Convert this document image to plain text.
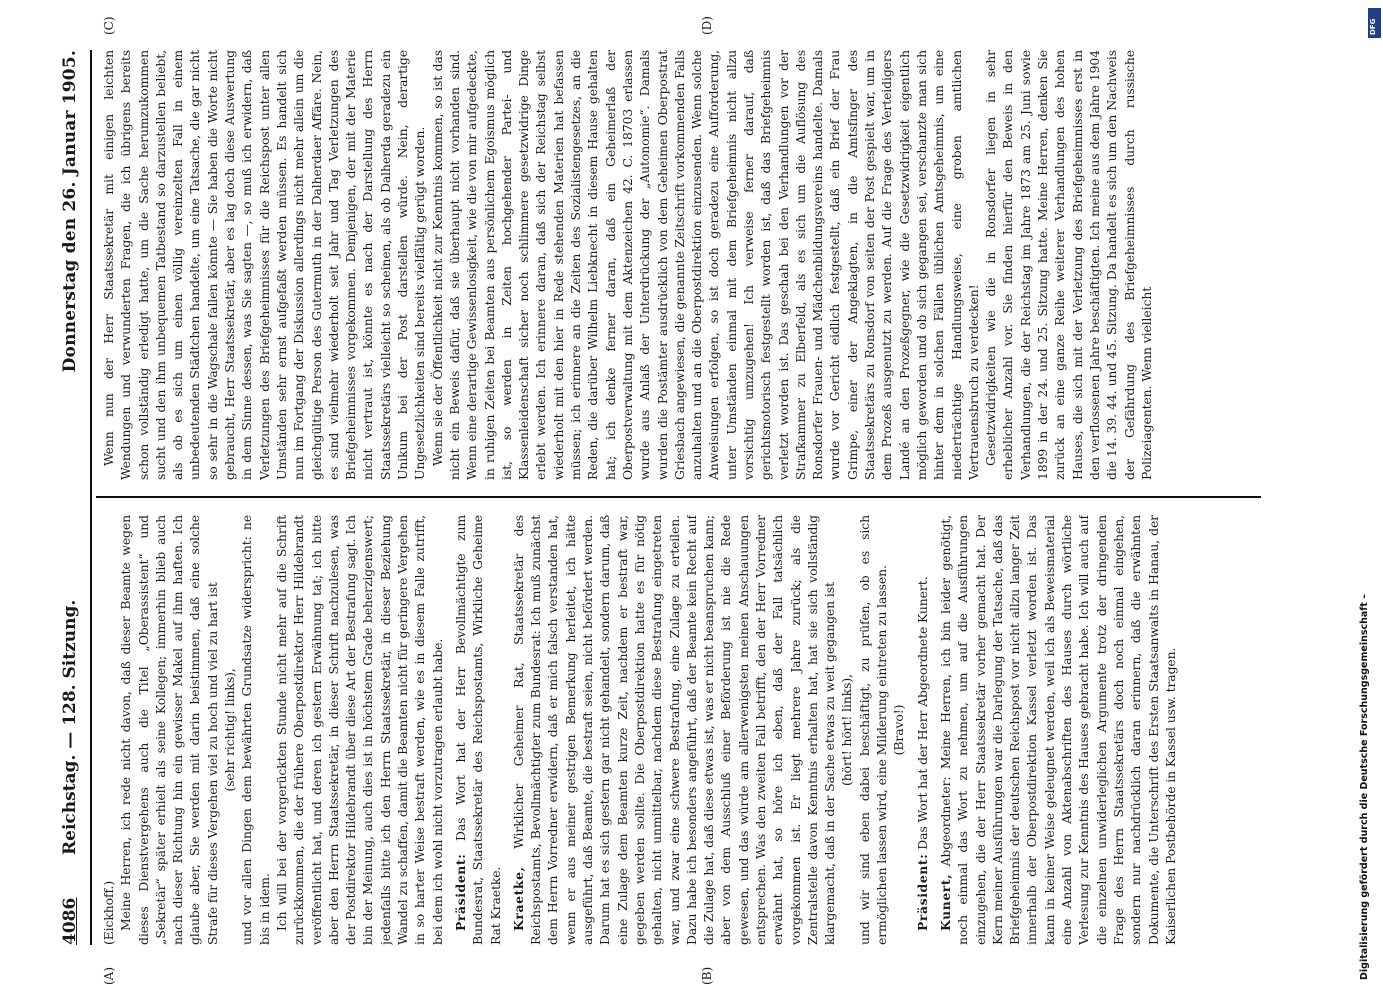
4086
Reichstag. — 128. Sitzung.
Donnerstag den 26. Januar 1905.
(A)	(B)
(C)	(D)

(Eickhoff.) Meine Herren, ich rede nicht davon, daß dieser Beamte wegen dieses Dienstvergehens auch die Titel „Oberassistent“ und „Sekretär“ später erhielt als seine Kollegen; immerhin blieb auch nach dieser Richtung hin ein gewisser Makel auf ihm haften. Ich glaube aber, Sie werden mit darin beistimmen, daß eine solche Strafe für dieses Vergehen viel zu hoch und viel zu hart ist (sehr richtig! links), und vor allen Dingen dem bewährten Grundsatze widerspricht: ne bis in idem. Ich will bei der vorgerückten Stunde nicht mehr auf die Schrift zurückkommen, die der frühere Oberpostdirektor Herr Hildebrandt veröffentlicht hat, und deren ich gestern Erwähnung tat; ich bitte aber den Herrn Staatssekretär, in dieser Schrift nachzulesen, was der Postdirektor Hildebrandt über diese Art der Bestrafung sagt. Ich bin der Meinung, auch dies ist in höchstem Grade beherzigenswert; jedenfalls bitte ich den Herrn Staatssekretär, in dieser Beziehung Wandel zu schaffen, damit die Beamten nicht für geringere Vergehen in so harter Weise bestraft werden, wie es in diesem Falle zutrifft, bei dem ich wohl nicht vorzutragen erlaubt habe. Präsident: Das Wort hat der Herr Bevollmächtigte zum Bundesrat, Staatssekretär des Reichspostamts, Wirkliche Geheime Rat Kraetke. Kraetke, Wirklicher Geheimer Rat, Staatssekretär des Reichspostamts, Bevollmächtigter zum Bundesrat: Ich muß zunächst dem Herrn Vorredner erwidern, daß er mich falsch verstanden hat, wenn er aus meiner gestrigen Bemerkung herleitet, ich hätte ausgeführt, daß Beamte, die bestraft seien, nicht befördert werden. Darum hat es sich gestern gar nicht gehandelt, sondern darum, daß eine Zulage dem Beamten kurze Zeit, nachdem er bestraft war, gegeben werden sollte. Die Oberpostdirektion hatte es für nötig gehalten, nicht unmittelbar, nachdem diese Bestrafung eingetreten war, und zwar eine schwere Bestrafung, eine Zulage zu erteilen. Dazu habe ich besonders angeführt, daß der Beamte kein Recht auf die Zulage hat, daß diese etwas ist, was er nicht beanspruchen kann; aber von dem Ausschluß einer Beförderung ist nie die Rede gewesen, und das würde am allerwenigsten meinen Anschauungen entsprechen. Was den zweiten Fall betrifft, den der Herr Vorredner erwähnt hat, so höre ich eben, daß der Fall tatsächlich vorgekommen ist. Er liegt mehrere Jahre zurück; als die Zentralstelle davon Kenntnis erhalten hat, hat sie sich vollständig klargemacht, daß in der Sache etwas zu weit gegangen ist (hört! hört! links), und wir sind eben dabei beschäftigt, zu prüfen, ob es sich ermöglichen lassen wird, eine Milderung eintreten zu lassen. (Bravo!)

Präsident: Das Wort hat der Herr Abgeordnete Kunert.

Kunert, Abgeordneter: Meine Herren, ich bin leider genötigt, noch einmal das Wort zu nehmen, um auf die Ausführungen einzugehen, die der Herr Staatssekretär vorher gemacht hat. Der Kern meiner Ausführungen war die Darlegung der Tatsache, daß das Briefgeheimnis der deutschen Reichspost vor nicht allzu langer Zeit innerhalb der Oberpostdirektion Kassel verletzt worden ist. Das kann in keiner Weise geleugnet werden, weil ich als Beweismaterial eine Anzahl von Aktenabschriften des Hauses durch wörtliche Verlesung zur Kenntnis des Hauses gebracht habe. Ich will auch auf die einzelnen unwiderleglichen Argumente trotz der dringenden Frage des Herrn Staatssekretärs doch noch einmal eingehen, sondern nur nachdrücklich daran erinnern, daß die erwähnten Dokumente, die Unterschrift des Ersten Staatsanwalts in Hanau, der Kaiserlichen Postbehörde in Kassel usw. tragen.

Wenn nun der Herr Staatssekretär mit einigen leichten Wendungen und verwunderten Fragen, die ich übrigens bereits schon vollständig erledigt hatte, um die Sache herumzukommen sucht und den ihm unbequemen Tatbestand so darzustellen beliebt, als ob es sich um einen völlig vereinzelten Fall in einem unbedeutenden Städtchen handelte, um eine Tatsache, die gar nicht so sehr in die Wagschale fallen könnte — Sie haben die Worte nicht gebraucht, Herr Staatssekretär, aber es lag doch diese Auswertung in dem Sinne dessen, was Sie sagten —, so muß ich erwidern, daß Verletzungen des Briefgeheimnisses für die Reichspost unter allen Umständen sehr ernst aufgefaßt werden müssen. Es handelt sich nun im Fortgang der Diskussion allerdings nicht mehr allein um die gleichgültige Person des Gutermuth in der Dalherdaer Affäre. Nein, es sind vielmehr wiederholt seit Jahr und Tag Verletzungen des Briefgeheimnisses vorgekommen. Demjenigen, der mit der Materie nicht vertraut ist, könnte es nach der Darstellung des Herrn Staatssekretärs vielleicht so scheinen, als ob Dalherda geradezu ein Unikum bei der Post darstellen würde. Nein, derartige Ungesetzlichkeiten sind bereits vielfältig gerügt worden. Wenn sie der Öffentlichkeit nicht zur Kenntnis kommen, so ist das nicht ein Beweis dafür, daß sie überhaupt nicht vorhanden sind. Wenn eine derartige Gewissenlosigkeit, wie die von mir aufgedeckte, in ruhigen Zeiten bei Beamten aus persönlichem Egoismus möglich ist, so werden in Zeiten hochgehender Partei- und Klassenleidenschaft sicher noch schlimmere gesetzwidrige Dinge erlebt werden. Ich erinnere daran, daß sich der Reichstag selbst wiederholt mit den hier in Rede stehenden Materien hat befassen müssen; ich erinnere an die Zeiten des Sozialistengesetzes, an die Reden, die darüber Wilhelm Liebknecht in diesem Hause gehalten hat; ich denke ferner daran, daß ein Geheimerlaß der Oberpostverwaltung mit dem Aktenzeichen 42. C. 18703 erlassen wurde aus Anlaß der Unterdrückung der „Autonomie“. Damals wurden die Postämter ausdrücklich von dem Geheimen Oberpostrat Griesbach angewiesen, die genannte Zeitschrift vorkommenden Falls anzuhalten und an die Oberpostdirektion einzusenden. Wenn solche Anweisungen erfolgen, so ist doch geradezu eine Aufforderung, unter Umständen einmal mit dem Briefgeheimnis nicht allzu vorsichtig umzugehen! Ich verweise ferner darauf, daß gerichtsnotorisch festgestellt worden ist, daß das Briefgeheimnis verletzt worden ist. Das geschah bei den Verhandlungen vor der Strafkammer zu Elberfeld, als es sich um die Auflösung des Ronsdorfer Frauen- und Mädchenbildungsvereins handelte. Damals wurde vor Gericht eidlich festgestellt, daß ein Brief der Frau Grimpe, einer der Angeklagten, in die Amtsfinger des Staatssekretärs zu Ronsdorf von seiten der Post gespielt war, um in dem Prozeß ausgenutzt zu werden. Auf die Frage des Verteidigers Landé an den Prozeßgegner, wie die Gesetzwidrigkeit eigentlich möglich geworden und ob sich gegangen sei, verschanzte man sich hinter dem in solchen Fällen üblichen Amtsgeheimnis, um eine niederträchtige Handlungsweise, eine groben amtlichen Vertrauensbruch zu verdecken! Gesetzwidrigkeiten wie die in Ronsdorfer liegen in sehr erheblicher Anzahl vor. Sie finden hierfür den Beweis in den Verhandlungen, die der Reichstag im Jahre 1873 am 25. Juni sowie 1899 in der 24. und 25. Sitzung hatte. Meine Herren, denken Sie zurück an eine ganze Reihe weiterer Verhandlungen des hohen Hauses, die sich mit der Verletzung des Briefgeheimnisses erst in den verflossenen Jahre beschäftigten. Ich meine aus dem Jahre 1904 die 14. 39. 44. und 45. Sitzung. Da handelt es sich um den Nachweis der Gefährdung des Briefgeheimnisses durch russische Polizeiagenten. Wenn vielleicht

Digitalisierung gefördert durch die Deutsche Forschungsgemeinschaft –
DFG
